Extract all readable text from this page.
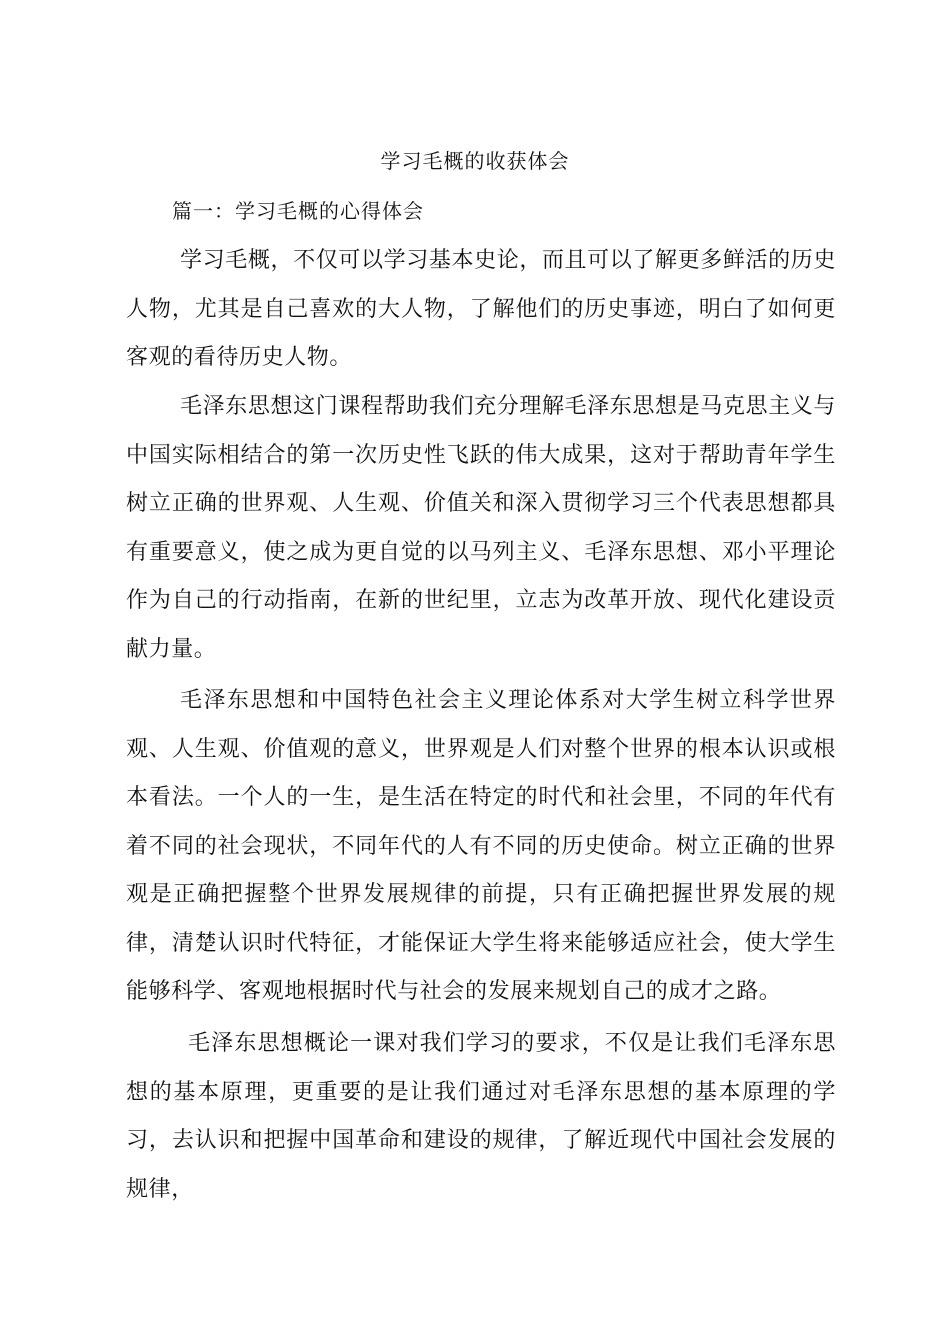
学习毛概的收获体会
篇一：学习毛概的心得体会

学习毛概，不仅可以学习基本史论，而且可以了解更多鲜活的历史人物，尤其是自己喜欢的大人物，了解他们的历史事迹，明白了如何更客观的看待历史人物。

毛泽东思想这门课程帮助我们充分理解毛泽东思想是马克思主义与中国实际相结合的第一次历史性飞跃的伟大成果，这对于帮助青年学生树立正确的世界观、人生观、价值关和深入贯彻学习三个代表思想都具有重要意义，使之成为更自觉的以马列主义、毛泽东思想、邓小平理论作为自己的行动指南，在新的世纪里，立志为改革开放、现代化建设贡献力量。

毛泽东思想和中国特色社会主义理论体系对大学生树立科学世界观、人生观、价值观的意义，世界观是人们对整个世界的根本认识或根本看法。一个人的一生，是生活在特定的时代和社会里，不同的年代有着不同的社会现状，不同年代的人有不同的历史使命。树立正确的世界观是正确把握整个世界发展规律的前提，只有正确把握世界发展的规律，清楚认识时代特征，才能保证大学生将来能够适应社会，使大学生能够科学、客观地根据时代与社会的发展来规划自己的成才之路。

毛泽东思想概论一课对我们学习的要求，不仅是让我们毛泽东思想的基本原理，更重要的是让我们通过对毛泽东思想的基本原理的学习，去认识和把握中国革命和建设的规律，了解近现代中国社会发展的规律，
